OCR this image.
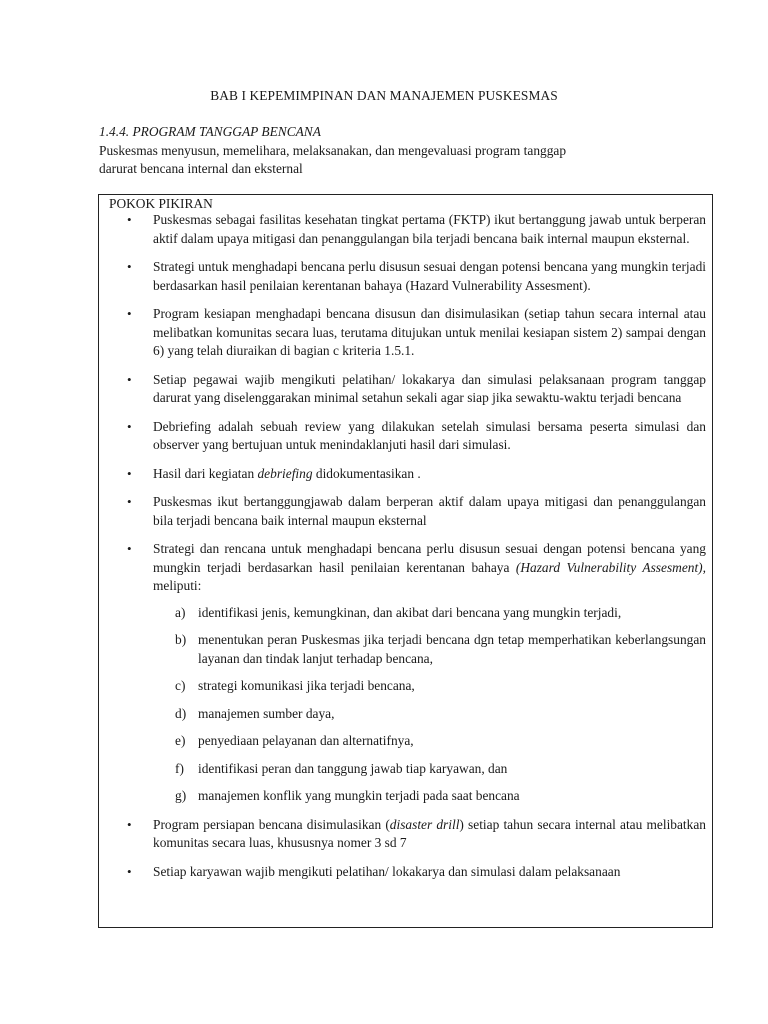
BAB I KEPEMIMPINAN DAN MANAJEMEN PUSKESMAS
1.4.4. PROGRAM TANGGAP BENCANA

Puskesmas menyusun, memelihara, melaksanakan, dan mengevaluasi program tanggap

darurat bencana internal dan eksternal

POKOK PIKIRAN
• Puskesmas sebagai fasilitas kesehatan tingkat pertama (FKTP) ikut bertanggung jawab untuk berperan aktif dalam upaya mitigasi dan penanggulangan bila terjadi bencana baik internal maupun eksternal.
• Strategi untuk menghadapi bencana perlu disusun sesuai dengan potensi bencana yang mungkin terjadi berdasarkan hasil penilaian kerentanan bahaya (Hazard Vulnerability Assesment).
• Program kesiapan menghadapi bencana disusun dan disimulasikan (setiap tahun secara internal atau melibatkan komunitas secara luas, terutama ditujukan untuk menilai kesiapan sistem 2) sampai dengan 6) yang telah diuraikan di bagian c kriteria 1.5.1.
• Setiap pegawai wajib mengikuti pelatihan/ lokakarya dan simulasi pelaksanaan program tanggap darurat yang diselenggarakan minimal setahun sekali agar siap jika sewaktu-waktu terjadi bencana
• Debriefing adalah sebuah review yang dilakukan setelah simulasi bersama peserta simulasi dan observer yang bertujuan untuk menindaklanjuti hasil dari simulasi.
• Hasil dari kegiatan debriefing didokumentasikan .
• Puskesmas ikut bertanggungjawab dalam berperan aktif dalam upaya mitigasi dan penanggulangan bila terjadi bencana baik internal maupun eksternal
• Strategi dan rencana untuk menghadapi bencana perlu disusun sesuai dengan potensi bencana yang mungkin terjadi berdasarkan hasil penilaian kerentanan bahaya (Hazard Vulnerability Assesment), meliputi:
a) identifikasi jenis, kemungkinan, dan akibat dari bencana yang mungkin terjadi,
b) menentukan peran Puskesmas jika terjadi bencana dgn tetap memperhatikan keberlangsungan layanan dan tindak lanjut terhadap bencana,
c) strategi komunikasi jika terjadi bencana,
d) manajemen sumber daya,
e) penyediaan pelayanan dan alternatifnya,
f) identifikasi peran dan tanggung jawab tiap karyawan, dan
g) manajemen konflik yang mungkin terjadi pada saat bencana
• Program persiapan bencana disimulasikan (disaster drill) setiap tahun secara internal atau melibatkan komunitas secara luas, khususnya nomer 3 sd 7
• Setiap karyawan wajib mengikuti pelatihan/ lokakarya dan simulasi dalam pelaksanaan
